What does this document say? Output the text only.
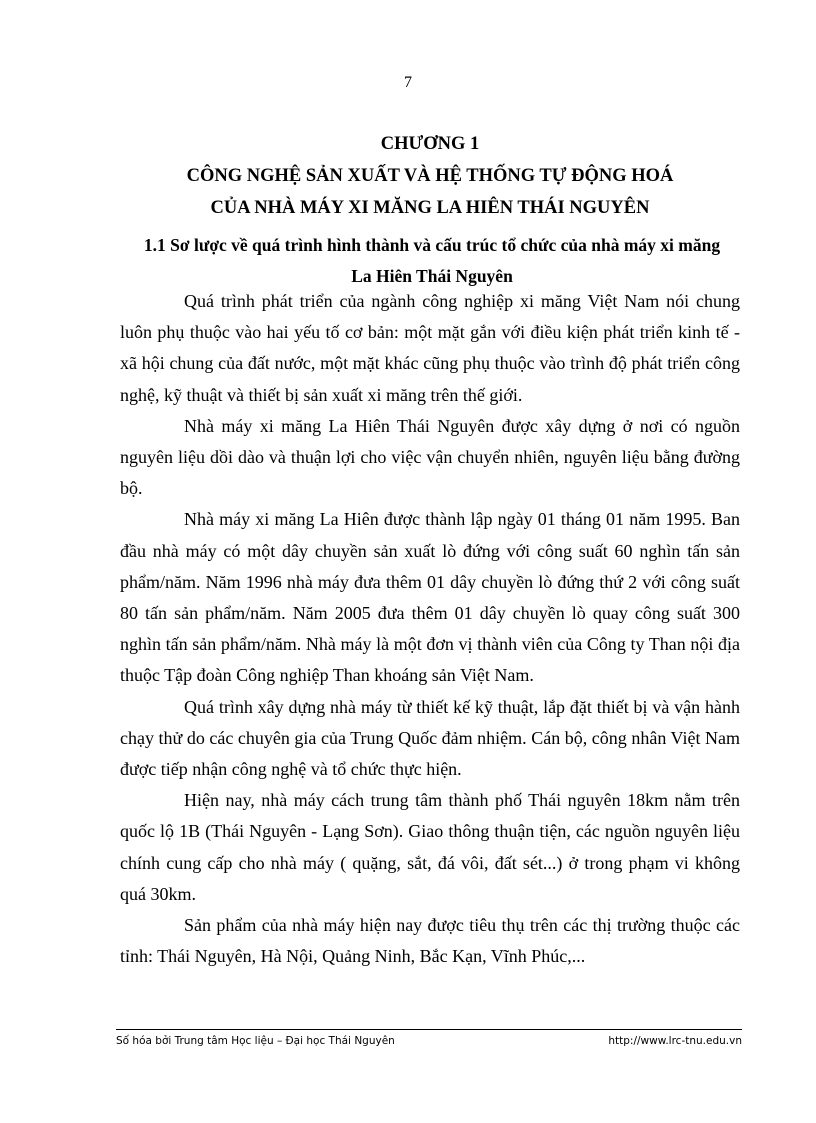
7
CHƯƠNG 1
CÔNG NGHỆ SẢN XUẤT VÀ HỆ THỐNG TỰ ĐỘNG HOÁ
CỦA NHÀ MÁY XI MĂNG LA HIÊN THÁI NGUYÊN
1.1 Sơ lược về quá trình hình thành và cấu trúc tổ chức của nhà máy xi măng
La Hiên Thái Nguyên

Quá trình phát triển của ngành công nghiệp xi măng Việt Nam nói chung luôn phụ thuộc vào hai yếu tố cơ bản: một mặt gắn với điều kiện phát triển kinh tế - xã hội chung của đất nước, một mặt khác cũng phụ thuộc vào trình độ phát triển công nghệ, kỹ thuật và thiết bị sản xuất xi măng trên thế giới.

Nhà máy xi măng La Hiên Thái Nguyên được xây dựng ở nơi có nguồn nguyên liệu dồi dào và thuận lợi cho việc vận chuyển nhiên, nguyên liệu bằng đường bộ.

Nhà máy xi măng La Hiên được thành lập ngày 01 tháng 01 năm 1995. Ban đầu nhà máy có một dây chuyền sản xuất lò đứng với công suất 60 nghìn tấn sản phẩm/năm. Năm 1996 nhà máy đưa thêm 01 dây chuyền lò đứng thứ 2 với công suất 80 tấn sản phẩm/năm. Năm 2005 đưa thêm 01 dây chuyền lò quay công suất 300 nghìn tấn sản phẩm/năm. Nhà máy là một đơn vị thành viên của Công ty Than nội địa thuộc Tập đoàn Công nghiệp Than khoáng sản Việt Nam.

Quá trình xây dựng nhà máy từ thiết kế kỹ thuật, lắp đặt thiết bị và vận hành chạy thử do các chuyên gia của Trung Quốc đảm nhiệm. Cán bộ, công nhân Việt Nam được tiếp nhận công nghệ và tổ chức thực hiện.

Hiện nay, nhà máy cách trung tâm thành phố Thái nguyên 18km nằm trên quốc lộ 1B (Thái Nguyên - Lạng Sơn). Giao thông thuận tiện, các nguồn nguyên liệu chính cung cấp cho nhà máy ( quặng, sắt, đá vôi, đất sét...) ở trong phạm vi không quá 30km.

Sản phẩm của nhà máy hiện nay được tiêu thụ trên các thị trường thuộc các tỉnh: Thái Nguyên, Hà Nội, Quảng Ninh, Bắc Kạn, Vĩnh Phúc,...

Số hóa bởi Trung tâm Học liệu – Đại học Thái Nguyên	http://www.lrc-tnu.edu.vn
